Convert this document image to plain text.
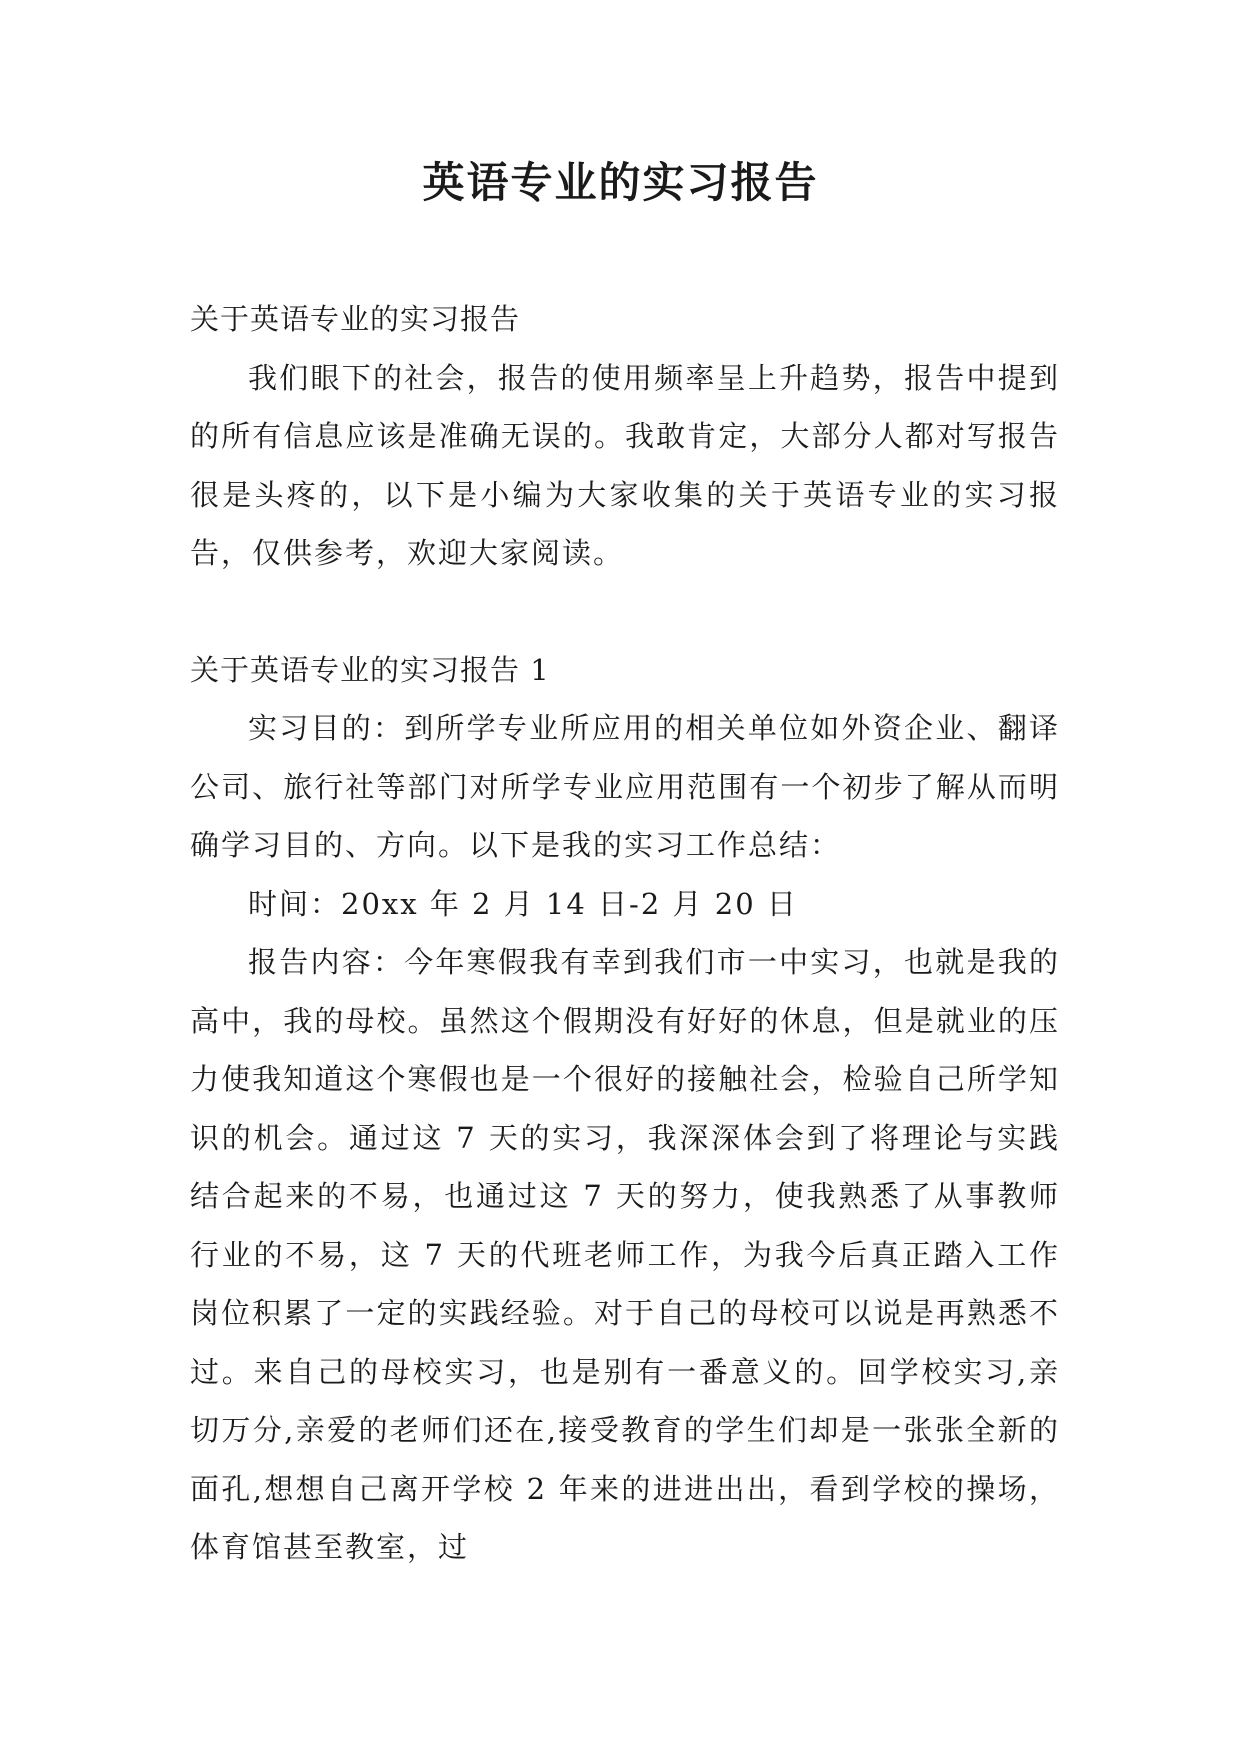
英语专业的实习报告

关于英语专业的实习报告

我们眼下的社会，报告的使用频率呈上升趋势，报告中提到的所有信息应该是准确无误的。我敢肯定，大部分人都对写报告很是头疼的，以下是小编为大家收集的关于英语专业的实习报告，仅供参考，欢迎大家阅读。

关于英语专业的实习报告 1

实习目的：到所学专业所应用的相关单位如外资企业、翻译公司、旅行社等部门对所学专业应用范围有一个初步了解从而明确学习目的、方向。以下是我的实习工作总结：

时间：20xx 年 2 月 14 日-2 月 20 日

报告内容：今年寒假我有幸到我们市一中实习，也就是我的高中，我的母校。虽然这个假期没有好好的休息，但是就业的压力使我知道这个寒假也是一个很好的接触社会，检验自己所学知识的机会。通过这 7 天的实习，我深深体会到了将理论与实践结合起来的不易，也通过这 7 天的努力，使我熟悉了从事教师行业的不易，这 7 天的代班老师工作，为我今后真正踏入工作岗位积累了一定的实践经验。对于自己的母校可以说是再熟悉不过。来自己的母校实习，也是别有一番意义的。回学校实习,亲切万分,亲爱的老师们还在,接受教育的学生们却是一张张全新的面孔,想想自己离开学校 2 年来的进进出出，看到学校的操场，体育馆甚至教室，过
